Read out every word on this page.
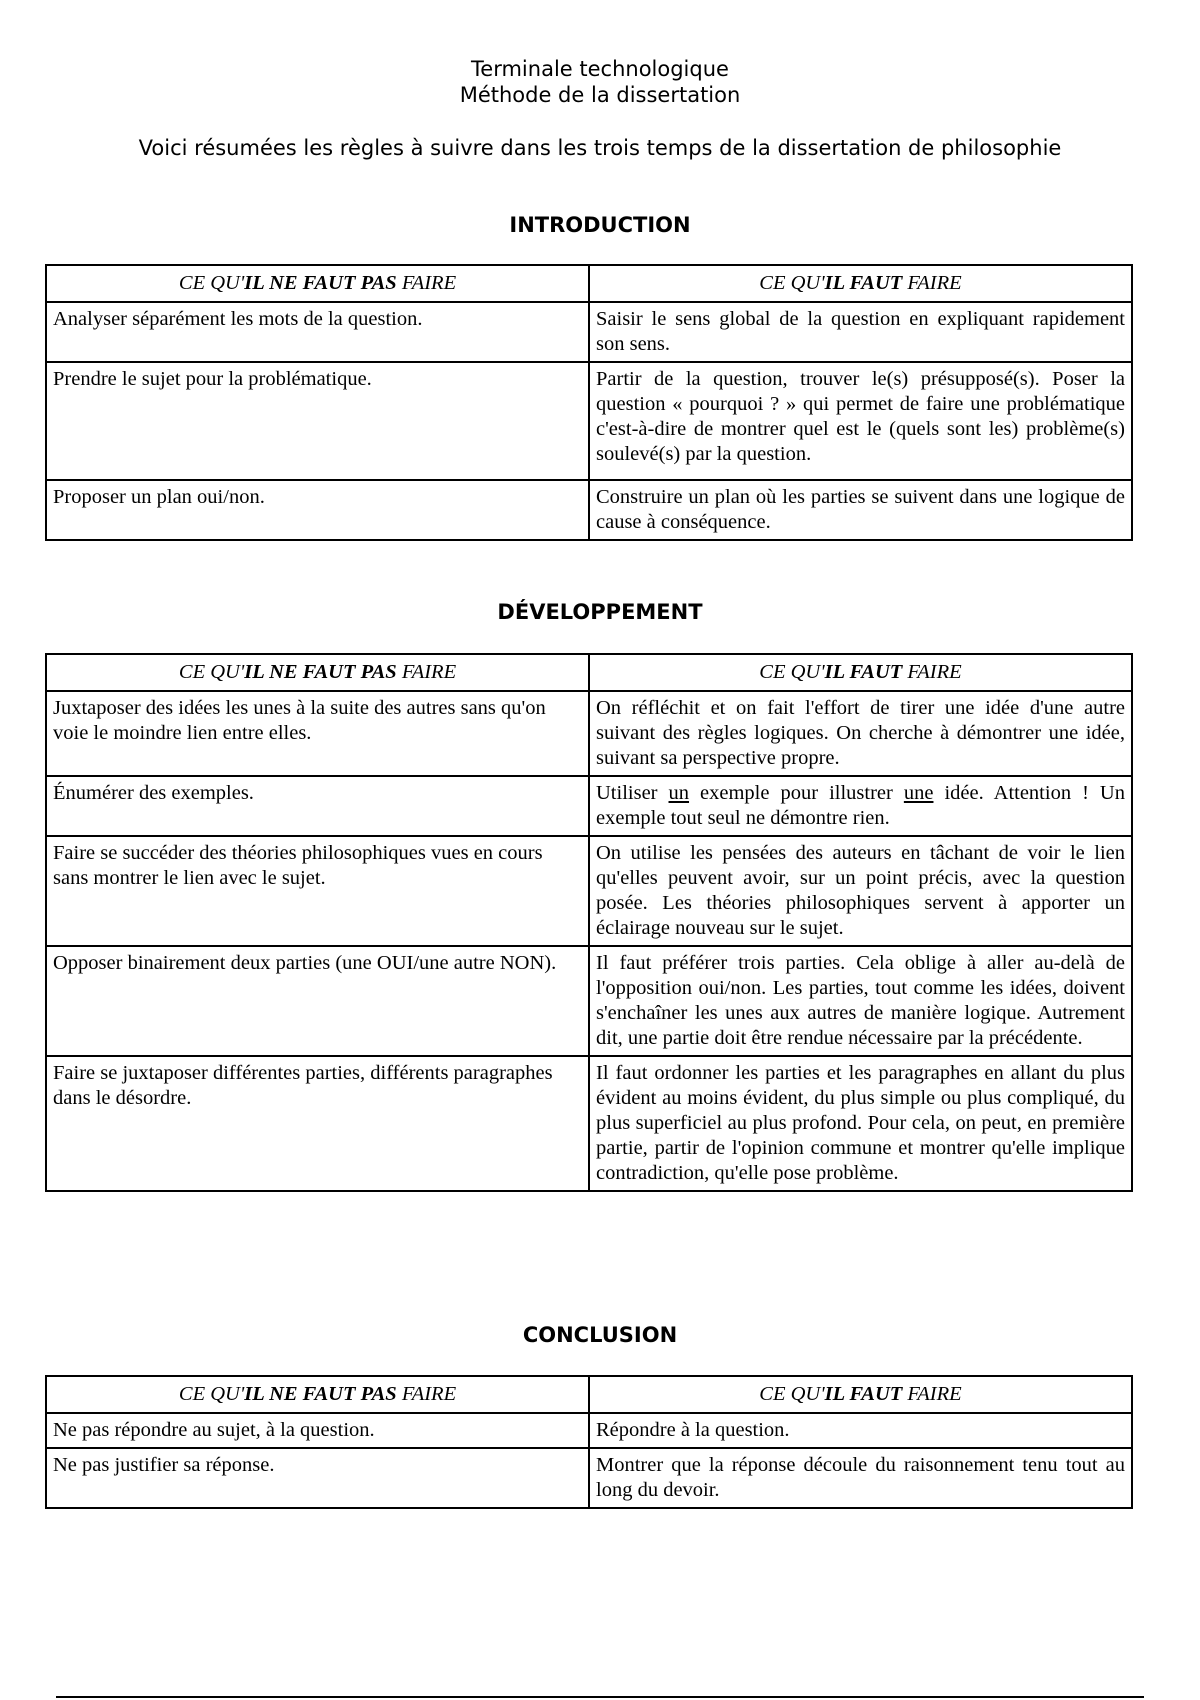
Terminale technologique
Méthode de la dissertation
Voici résumées les règles à suivre dans les trois temps de la dissertation de philosophie
INTRODUCTION
CE QU'IL NE FAUT PAS FAIRE	CE QU'IL FAUT FAIRE
Analyser séparément les mots de la question.	Saisir le sens global de la question en expliquant rapidement son sens.
Prendre le sujet pour la problématique.	Partir de la question, trouver le(s) présupposé(s). Poser la question « pourquoi ? » qui permet de faire une problématique c'est-à-dire de montrer quel est le (quels sont les) problème(s) soulevé(s) par la question.
Proposer un plan oui/non.	Construire un plan où les parties se suivent dans une logique de cause à conséquence.
DÉVELOPPEMENT
CE QU'IL NE FAUT PAS FAIRE	CE QU'IL FAUT FAIRE
Juxtaposer des idées les unes à la suite des autres sans qu'on voie le moindre lien entre elles.	On réfléchit et on fait l'effort de tirer une idée d'une autre suivant des règles logiques. On cherche à démontrer une idée, suivant sa perspective propre.
Énumérer des exemples.	Utiliser un exemple pour illustrer une idée. Attention ! Un exemple tout seul ne démontre rien.
Faire se succéder des théories philosophiques vues en cours sans montrer le lien avec le sujet.	On utilise les pensées des auteurs en tâchant de voir le lien qu'elles peuvent avoir, sur un point précis, avec la question posée. Les théories philosophiques servent à apporter un éclairage nouveau sur le sujet.
Opposer binairement deux parties (une OUI/une autre NON).	Il faut préférer trois parties. Cela oblige à aller au-delà de l'opposition oui/non. Les parties, tout comme les idées, doivent s'enchaîner les unes aux autres de manière logique. Autrement dit, une partie doit être rendue nécessaire par la précédente.
Faire se juxtaposer différentes parties, différents paragraphes dans le désordre.	Il faut ordonner les parties et les paragraphes en allant du plus évident au moins évident, du plus simple ou plus compliqué, du plus superficiel au plus profond. Pour cela, on peut, en première partie, partir de l'opinion commune et montrer qu'elle implique contradiction, qu'elle pose problème.
CONCLUSION
CE QU'IL NE FAUT PAS FAIRE	CE QU'IL FAUT FAIRE
Ne pas répondre au sujet, à la question.	Répondre à la question.
Ne pas justifier sa réponse.	Montrer que la réponse découle du raisonnement tenu tout au long du devoir.
